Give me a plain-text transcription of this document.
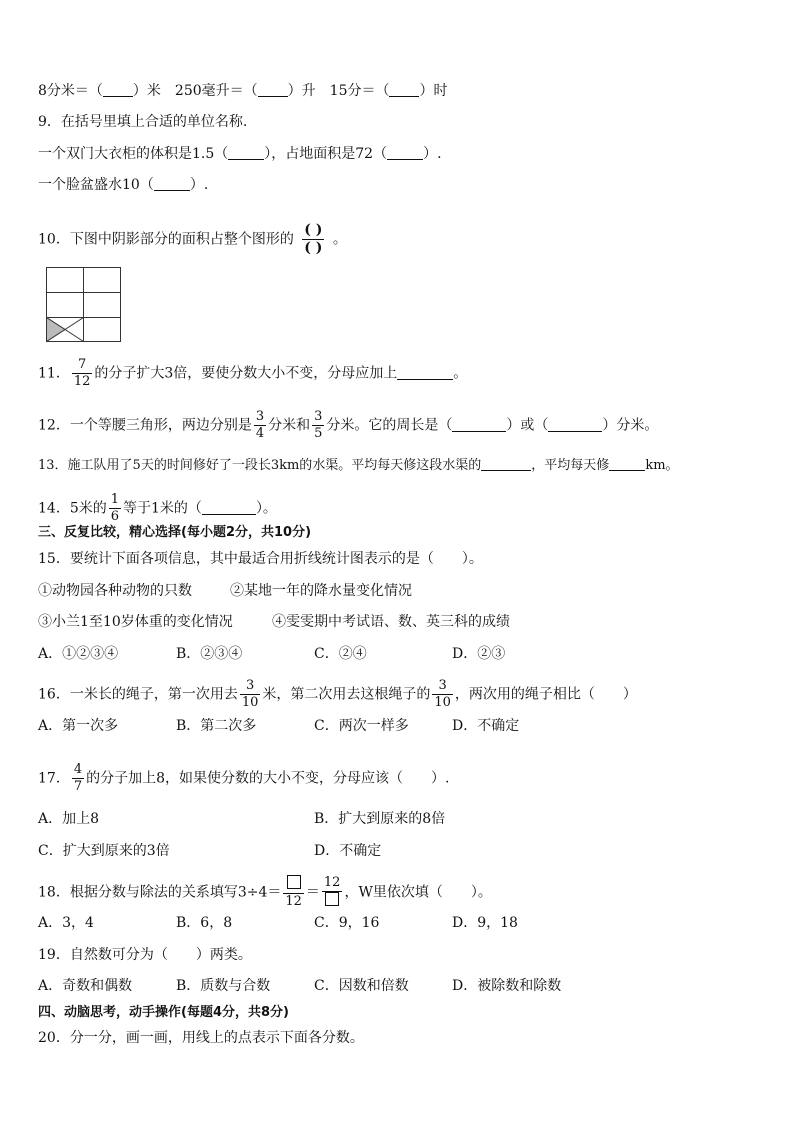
8分米＝（ ）米　250毫升＝（ ）升　15分＝（ ）时
9．在括号里填上合适的单位名称.
一个双门大衣柜的体积是1.5（	），占地面积是72（	）.
一个脸盆盛水10（	）.
10．下图中阴影部分的面积占整个图形的 $\frac{( )}{( )}$ 。
11． $\frac{7}{12}$ 的分子扩大3倍，要使分数大小不变，分母应加上	。
12．一个等腰三角形，两边分别是 $\frac{3}{4}$ 分米和 $\frac{3}{5}$ 分米。它的周长是（	）或（	）分米。
13．施工队用了5天的时间修好了一段长3km的水渠。平均每天修这段水渠的	，平均每天修	km。
14．5米的 $\frac{1}{6}$ 等于1米的（	）。
三、反复比较，精心选择(每小题2分，共10分)
15．要统计下面各项信息，其中最适合用折线统计图表示的是（　　）。
①动物园各种动物的只数	②某地一年的降水量变化情况
③小兰1至10岁体重的变化情况	④雯雯期中考试语、数、英三科的成绩
A．①②③④	B．②③④	C．②④	D．②③
16．一米长的绳子，第一次用去 $\frac{3}{10}$ 米，第二次用去这根绳子的 $\frac{3}{10}$ ，两次用的绳子相比（　　）
A．第一次多	B．第二次多	C．两次一样多	D．不确定
17． $\frac{4}{7}$ 的分子加上8，如果使分数的大小不变，分母应该（　　）.
A．加上8	B．扩大到原来的8倍
C．扩大到原来的3倍	D．不确定
18．根据分数与除法的关系填写3÷4＝
12
＝
12
，W里依次填（　　）。
A．3，4	B．6，8	C．9，16	D．9，18
19．自然数可分为（　　）两类。
A．奇数和偶数	B．质数与合数	C．因数和倍数	D．被除数和除数
四、动脑思考，动手操作(每题4分，共8分)
20．分一分，画一画，用线上的点表示下面各分数。
